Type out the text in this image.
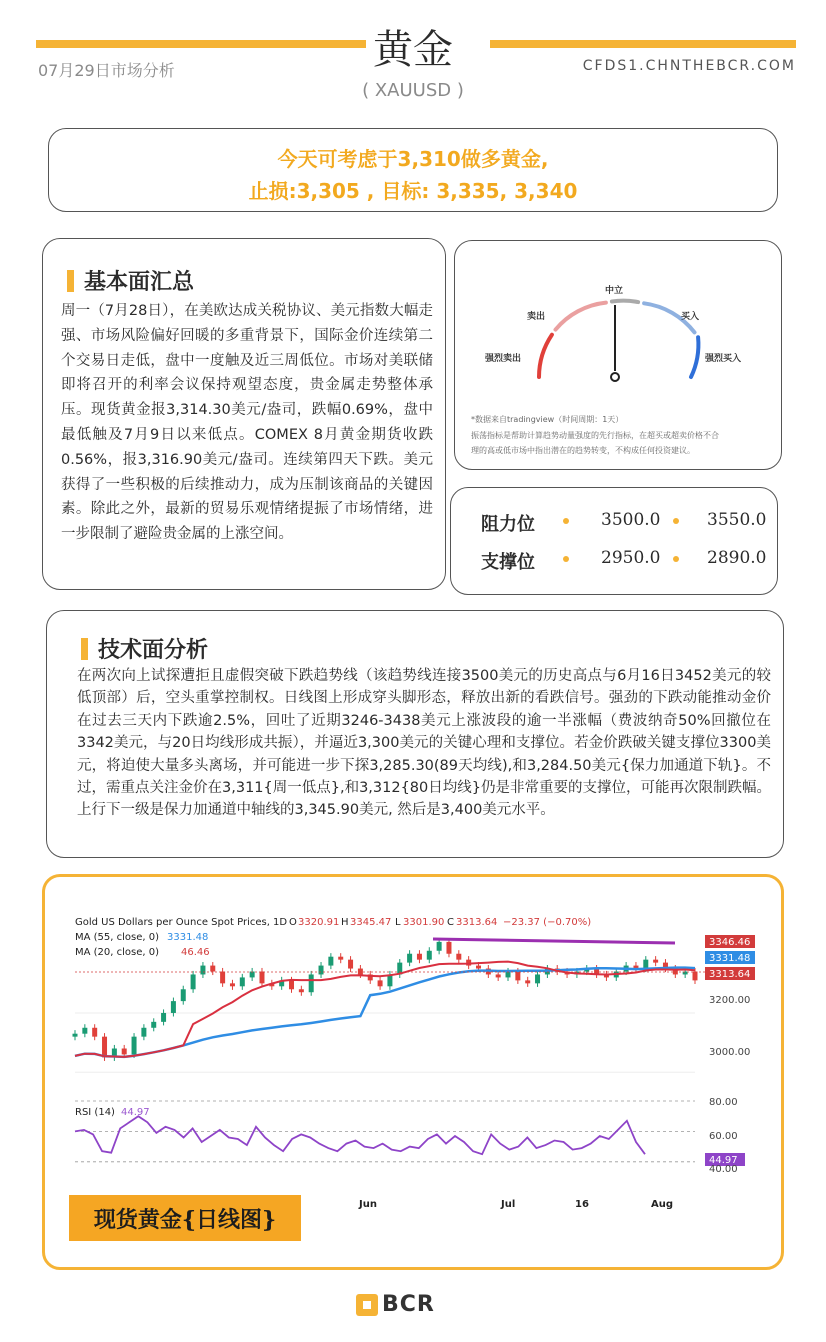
07月29日市场分析	黄金	CFDS1.CHNTHEBCR.COM
( XAUUSD )
今天可考虑于3,310做多黄金,
止损:3,305 , 目标: 3,335, 3,340
基本面汇总
周一（7月28日），在美欧达成关税协议、美元指数大幅走强、市场风险偏好回暖的多重背景下，国际金价连续第二个交易日走低，盘中一度触及近三周低位。市场对美联储即将召开的利率会议保持观望态度，贵金属走势整体承压。现货黄金报3,314.30美元/盎司，跌幅0.69%，盘中最低触及7月9日以来低点。COMEX 8月黄金期货收跌0.56%，报3,316.90美元/盎司。连续第四天下跌。美元获得了一些积极的后续推动力，成为压制该商品的关键因素。除此之外，最新的贸易乐观情绪提振了市场情绪，进一步限制了避险贵金属的上涨空间。
中立
卖出	买入
强烈卖出	强烈买入
*数据来自tradingview（时间周期：1天）
振荡指标是帮助计算趋势动量强度的先行指标，在超买或超卖价格不合
理的高或低市场中指出潜在的趋势转变，不构成任何投资建议。
阻力位	3500.0	3550.0
支撑位	2950.0	2890.0
技术面分析
在两次向上试探遭拒且虚假突破下跌趋势线（该趋势线连接3500美元的历史高点与6月16日3452美元的较低顶部）后，空头重掌控制权。日线图上形成穿头脚形态，释放出新的看跌信号。强劲的下跌动能推动金价在过去三天内下跌逾2.5%，回吐了近期3246-3438美元上涨波段的逾一半涨幅（费波纳奇50%回撤位在3342美元，与20日均线形成共振），并逼近3,300美元的关键心理和支撑位。若金价跌破关键支撑位3300美元，将迫使大量多头离场，并可能进一步下探3,285.30(89天均线),和3,284.50美元{保力加通道下轨}。不过，需重点关注金价在3,311{周一低点},和3,312{80日均线}仍是非常重要的支撑位，可能再次限制跌幅。上行下一级是保力加通道中轴线的3,345.90美元, 然后是3,400美元水平。
Gold US Dollars per Ounce Spot Prices, 1D O 3320.91 H 3345.47 L 3301.90 C 3313.64 −23.37 (−0.70%)
MA (55, close, 0) 3331.48
MA (20, close, 0) 46.46
3346.46
3331.48
3313.64
3200.00
3000.00
RSI (14) 44.97
80.00
60.00
44.97
40.00
Jun	Jul	16	Aug
现货黄金{日线图}
BCR
